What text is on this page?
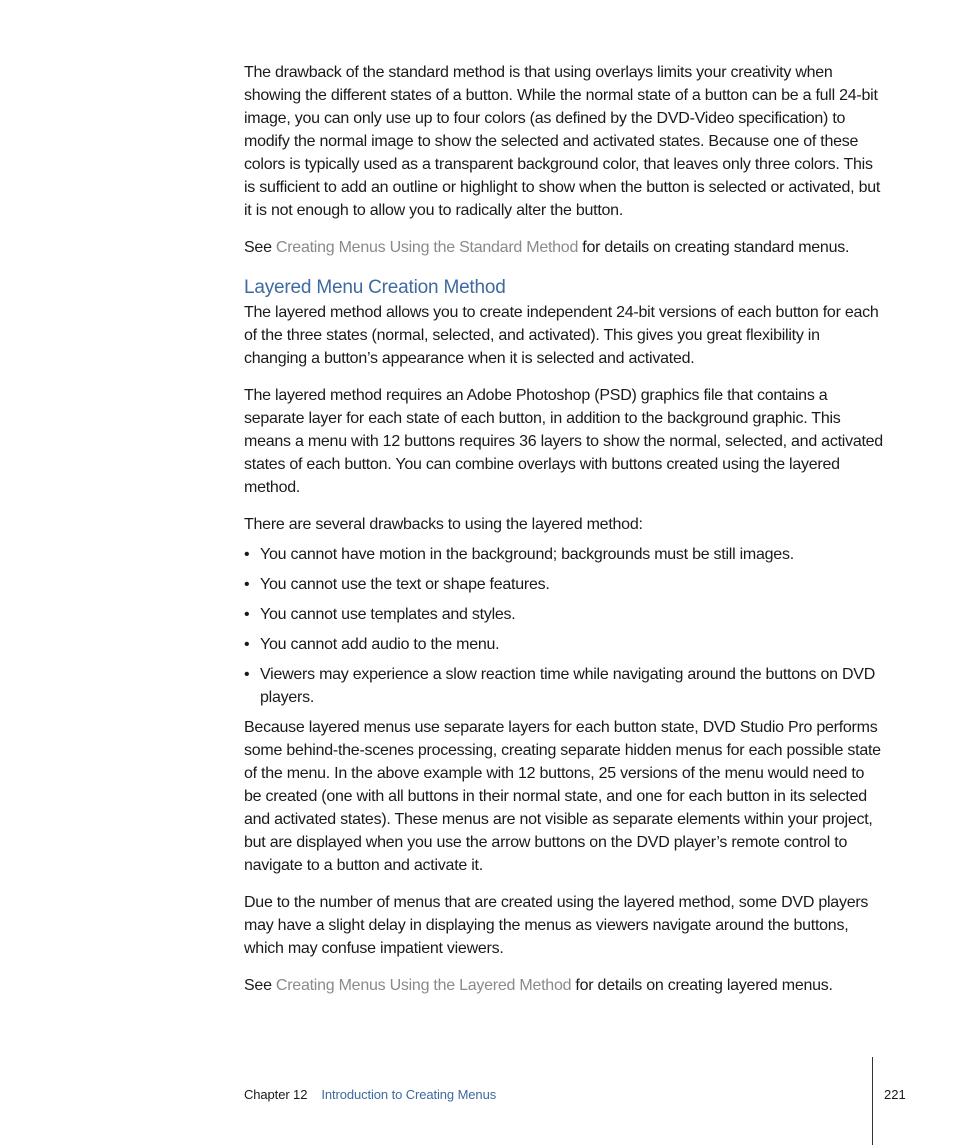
The drawback of the standard method is that using overlays limits your creativity when showing the different states of a button. While the normal state of a button can be a full 24-bit image, you can only use up to four colors (as defined by the DVD-Video specification) to modify the normal image to show the selected and activated states. Because one of these colors is typically used as a transparent background color, that leaves only three colors. This is sufficient to add an outline or highlight to show when the button is selected or activated, but it is not enough to allow you to radically alter the button.

See Creating Menus Using the Standard Method for details on creating standard menus.

Layered Menu Creation Method

The layered method allows you to create independent 24-bit versions of each button for each of the three states (normal, selected, and activated). This gives you great flexibility in changing a button’s appearance when it is selected and activated.

The layered method requires an Adobe Photoshop (PSD) graphics file that contains a separate layer for each state of each button, in addition to the background graphic. This means a menu with 12 buttons requires 36 layers to show the normal, selected, and activated states of each button. You can combine overlays with buttons created using the layered method.

There are several drawbacks to using the layered method:

• You cannot have motion in the background; backgrounds must be still images.
• You cannot use the text or shape features.
• You cannot use templates and styles.
• You cannot add audio to the menu.
• Viewers may experience a slow reaction time while navigating around the buttons on DVD players.

Because layered menus use separate layers for each button state, DVD Studio Pro performs some behind-the-scenes processing, creating separate hidden menus for each possible state of the menu. In the above example with 12 buttons, 25 versions of the menu would need to be created (one with all buttons in their normal state, and one for each button in its selected and activated states). These menus are not visible as separate elements within your project, but are displayed when you use the arrow buttons on the DVD player’s remote control to navigate to a button and activate it.

Due to the number of menus that are created using the layered method, some DVD players may have a slight delay in displaying the menus as viewers navigate around the buttons, which may confuse impatient viewers.

See Creating Menus Using the Layered Method for details on creating layered menus.

Chapter 12 Introduction to Creating Menus	221
